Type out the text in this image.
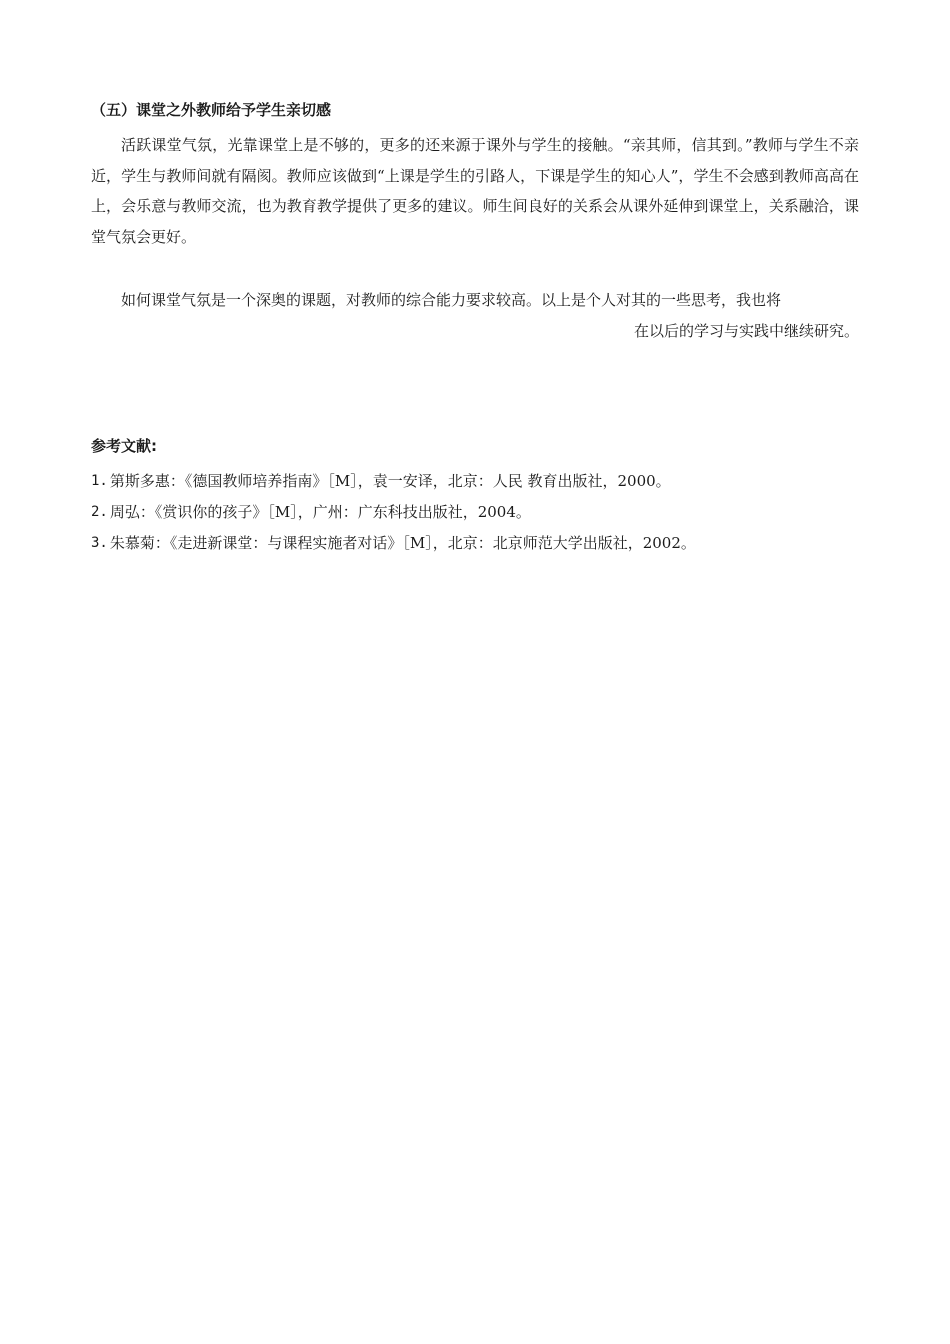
（五）课堂之外教师给予学生亲切感

活跃课堂气氛，光靠课堂上是不够的，更多的还来源于课外与学生的接触。“亲其师，信其到。”教师与学生不亲近，学生与教师间就有隔阂。教师应该做到“上课是学生的引路人，下课是学生的知心人”，学生不会感到教师高高在上，会乐意与教师交流，也为教育教学提供了更多的建议。师生间良好的关系会从课外延伸到课堂上，关系融洽，课堂气氛会更好。

如何课堂气氛是一个深奥的课题，对教师的综合能力要求较高。以上是个人对其的一些思考，我也将
在以后的学习与实践中继续研究。

参考文献:
1. 第斯多惠：《德国教师培养指南》［M］，袁一安译，北京：人民 教育出版社，2000。
2. 周弘：《赏识你的孩子》［M］，广州：广东科技出版社，2004。
3. 朱慕菊：《走进新课堂：与课程实施者对话》［M］，北京：北京师范大学出版社，2002。
